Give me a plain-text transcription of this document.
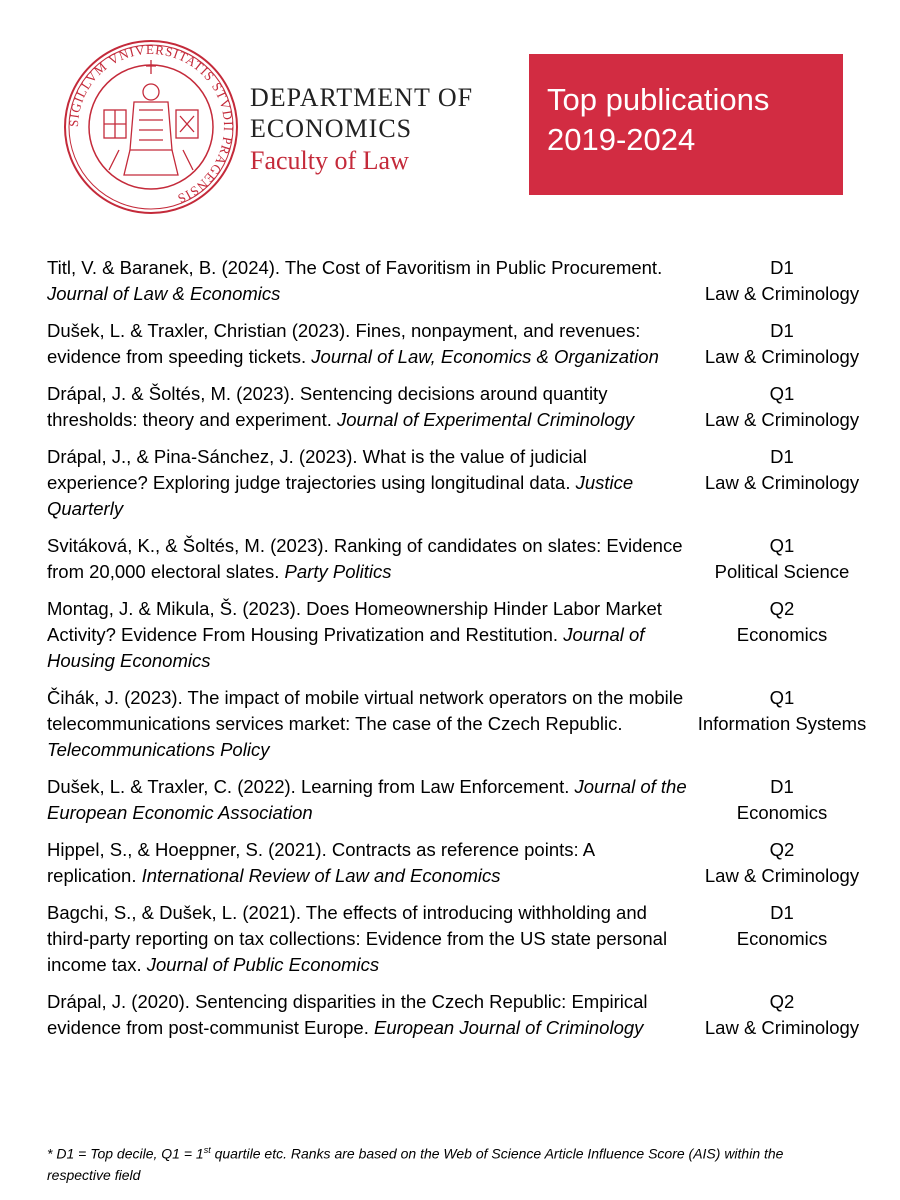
SIGILLVM VNIVERSITATIS STVDII PRAGENSIS
DEPARTMENT OF
ECONOMICS
Faculty of Law
Top publications
2019-2024
Titl, V. & Baranek, B. (2024). The Cost of Favoritism in Public Procurement. Journal of Law & Economics
D1
Law & Criminology
Dušek, L. & Traxler, Christian (2023). Fines, nonpayment, and revenues: evidence from speeding tickets. Journal of Law, Economics & Organization
D1
Law & Criminology
Drápal, J. & Šoltés, M. (2023). Sentencing decisions around quantity thresholds: theory and experiment. Journal of Experimental Criminology
Q1
Law & Criminology
Drápal, J., & Pina-Sánchez, J. (2023). What is the value of judicial experience? Exploring judge trajectories using longitudinal data. Justice Quarterly
D1
Law & Criminology
Svitáková, K., & Šoltés, M. (2023). Ranking of candidates on slates: Evidence from 20,000 electoral slates. Party Politics
Q1
Political Science
Montag, J. & Mikula, Š. (2023). Does Homeownership Hinder Labor Market Activity? Evidence From Housing Privatization and Restitution. Journal of Housing Economics
Q2
Economics
Čihák, J. (2023). The impact of mobile virtual network operators on the mobile telecommunications services market: The case of the Czech Republic. Telecommunications Policy
Q1
Information Systems
Dušek, L. & Traxler, C. (2022). Learning from Law Enforcement. Journal of the European Economic Association
D1
Economics
Hippel, S., & Hoeppner, S. (2021). Contracts as reference points: A replication. International Review of Law and Economics
Q2
Law & Criminology
Bagchi, S., & Dušek, L. (2021). The effects of introducing withholding and third-party reporting on tax collections: Evidence from the US state personal income tax. Journal of Public Economics
D1
Economics
Drápal, J. (2020). Sentencing disparities in the Czech Republic: Empirical evidence from post-communist Europe. European Journal of Criminology
Q2
Law & Criminology
* D1 = Top decile, Q1 = 1st quartile etc. Ranks are based on the Web of Science Article Influence Score (AIS) within the respective field
